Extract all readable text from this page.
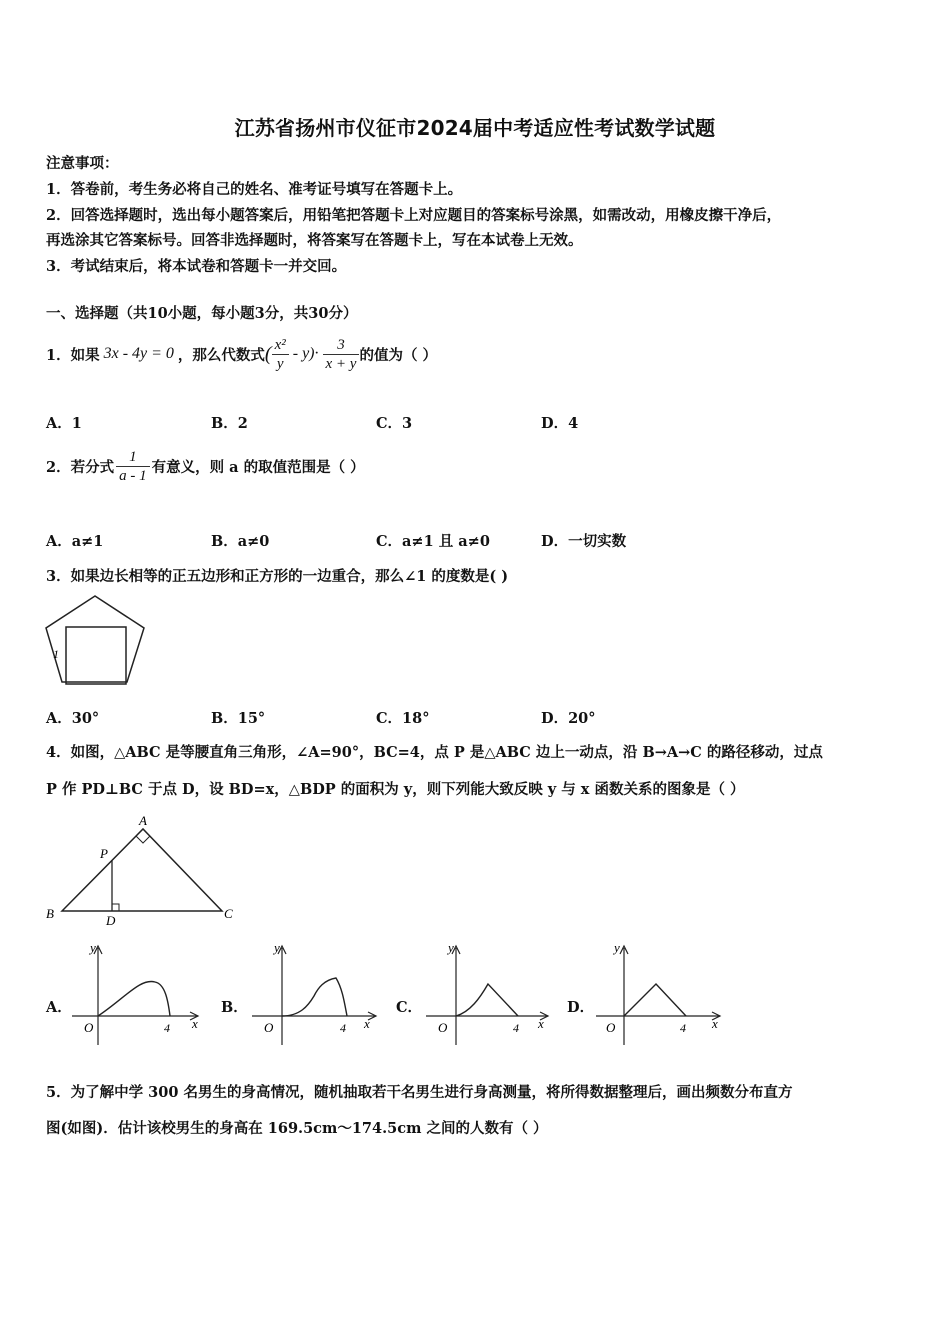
江苏省扬州市仪征市2024届中考适应性考试数学试题
注意事项：
1．答卷前，考生务必将自己的姓名、准考证号填写在答题卡上。
2．回答选择题时，选出每小题答案后，用铅笔把答题卡上对应题目的答案标号涂黑，如需改动，用橡皮擦干净后，
再选涂其它答案标号。回答非选择题时，将答案写在答题卡上，写在本试卷上无效。
3．考试结束后，将本试卷和答题卡一并交回。
一、选择题（共10小题，每小题3分，共30分）
1．如果 3x - 4y = 0 ，那么代数式 ( $\frac{\text{x²}}{y} - y)\cdot \frac{3}{x + y}$ 的值为（ ）
A．1	B．2	C．3	D．4
2．若分式 $\frac{1}{a - 1}$ 有意义，则 a 的取值范围是（ ）
A．a≠1	B．a≠0	C．a≠1 且 a≠0	D．一切实数
3．如果边长相等的正五边形和正方形的一边重合，那么∠1 的度数是( )
1
A．30°	B．15°	C．18°	D．20°
4．如图，△ABC 是等腰直角三角形，∠A=90°，BC=4，点 P 是△ABC 边上一动点，沿 B→A→C 的路径移动，过点
P 作 PD⊥BC 于点 D，设 BD=x，△BDP 的面积为 y，则下列能大致反映 y 与 x 函数关系的图象是（ ）
A
B	C
P
D
A．
y
x
O	4
B．
y
x
O	4
C．
y
x
O	4
D．
y
x
O	4
5．为了解中学 300 名男生的身高情况，随机抽取若干名男生进行身高测量，将所得数据整理后，画出频数分布直方
图(如图)．估计该校男生的身高在 169.5cm～174.5cm 之间的人数有（ ）
